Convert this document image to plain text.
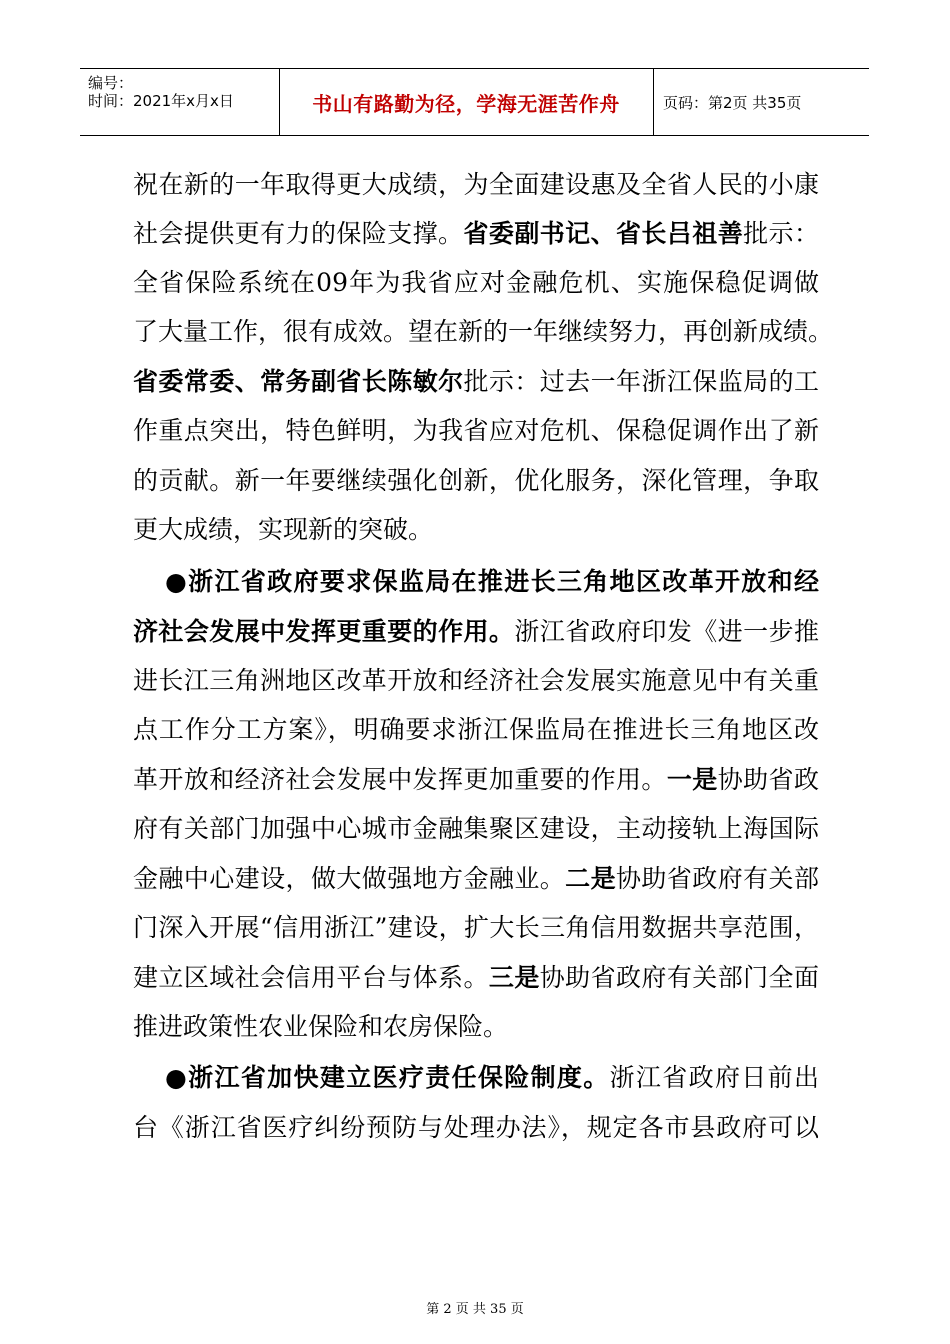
编号：
时间：2021年x月x日	书山有路勤为径，学海无涯苦作舟	页码：第2页 共35页
祝在新的一年取得更大成绩，为全面建设惠及全省人民的小康
社会提供更有力的保险支撑。省委副书记、省长吕祖善批示：
全省保险系统在09年为我省应对金融危机、实施保稳促调做
了大量工作，很有成效。望在新的一年继续努力，再创新成绩。
省委常委、常务副省长陈敏尔批示：过去一年浙江保监局的工
作重点突出，特色鲜明，为我省应对危机、保稳促调作出了新
的贡献。新一年要继续强化创新，优化服务，深化管理，争取
更大成绩，实现新的突破。
●浙江省政府要求保监局在推进长三角地区改革开放和经
济社会发展中发挥更重要的作用。浙江省政府印发《进一步推
进长江三角洲地区改革开放和经济社会发展实施意见中有关重
点工作分工方案》，明确要求浙江保监局在推进长三角地区改
革开放和经济社会发展中发挥更加重要的作用。一是协助省政
府有关部门加强中心城市金融集聚区建设，主动接轨上海国际
金融中心建设，做大做强地方金融业。二是协助省政府有关部
门深入开展“信用浙江”建设，扩大长三角信用数据共享范围，
建立区域社会信用平台与体系。三是协助省政府有关部门全面
推进政策性农业保险和农房保险。
●浙江省加快建立医疗责任保险制度。浙江省政府日前出
台《浙江省医疗纠纷预防与处理办法》，规定各市县政府可以
第 2 页 共 35 页
